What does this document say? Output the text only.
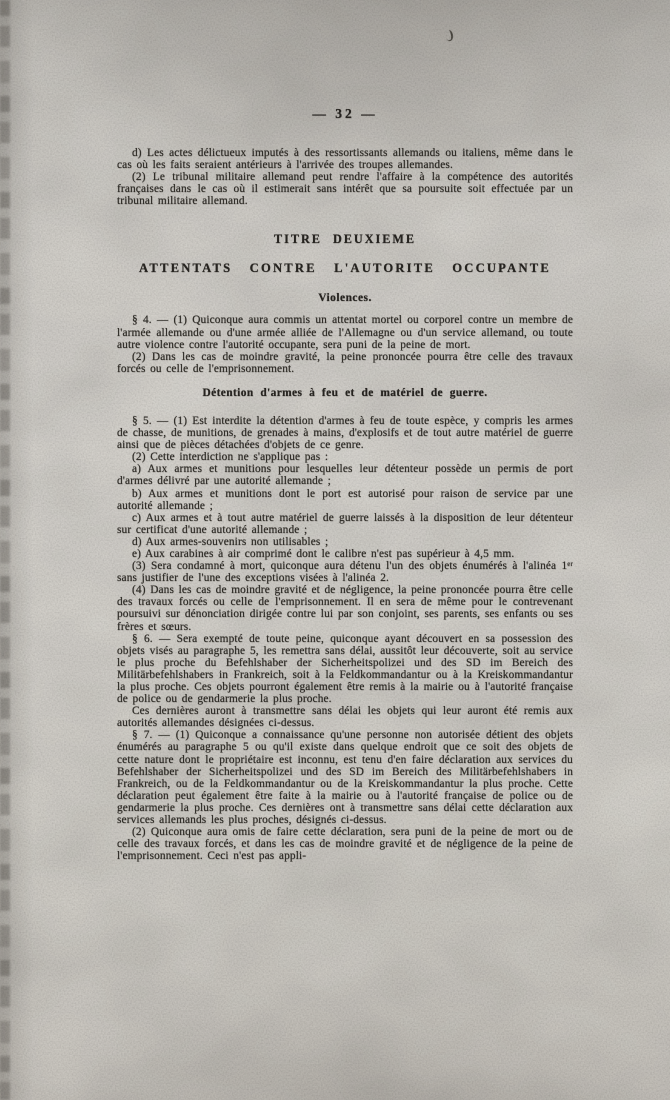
— 32 —

d) Les actes délictueux imputés à des ressortissants allemands ou italiens, même dans le cas où les faits seraient antérieurs à l'arrivée des troupes allemandes.

(2) Le tribunal militaire allemand peut rendre l'affaire à la compétence des autorités françaises dans le cas où il estimerait sans intérêt que sa poursuite soit effectuée par un tribunal militaire allemand.

TITRE DEUXIEME
ATTENTATS CONTRE L'AUTORITE OCCUPANTE
Violences.

§ 4. — (1) Quiconque aura commis un attentat mortel ou corporel contre un membre de l'armée allemande ou d'une armée alliée de l'Allemagne ou d'un service allemand, ou toute autre violence contre l'autorité occupante, sera puni de la peine de mort.

(2) Dans les cas de moindre gravité, la peine prononcée pourra être celle des travaux forcés ou celle de l'emprisonnement.

Détention d'armes à feu et de matériel de guerre.

§ 5. — (1) Est interdite la détention d'armes à feu de toute espèce, y compris les armes de chasse, de munitions, de grenades à mains, d'explosifs et de tout autre matériel de guerre ainsi que de pièces détachées d'objets de ce genre.

(2) Cette interdiction ne s'applique pas :

a) Aux armes et munitions pour lesquelles leur détenteur possède un permis de port d'armes délivré par une autorité allemande ;

b) Aux armes et munitions dont le port est autorisé pour raison de service par une autorité allemande ;

c) Aux armes et à tout autre matériel de guerre laissés à la disposition de leur détenteur sur certificat d'une autorité allemande ;

d) Aux armes-souvenirs non utilisables ;

e) Aux carabines à air comprimé dont le calibre n'est pas supérieur à 4,5 mm.

(3) Sera condamné à mort, quiconque aura détenu l'un des objets énumérés à l'alinéa 1ᵉʳ sans justifier de l'une des exceptions visées à l'alinéa 2.

(4) Dans les cas de moindre gravité et de négligence, la peine prononcée pourra être celle des travaux forcés ou celle de l'emprisonnement. Il en sera de même pour le contrevenant poursuivi sur dénonciation dirigée contre lui par son conjoint, ses parents, ses enfants ou ses frères et sœurs.

§ 6. — Sera exempté de toute peine, quiconque ayant découvert en sa possession des objets visés au paragraphe 5, les remettra sans délai, aussitôt leur découverte, soit au service le plus proche du Befehlshaber der Sicherheitspolizei und des SD im Bereich des Militärbefehlshabers in Frankreich, soit à la Feldkommandantur ou à la Kreiskommandantur la plus proche. Ces objets pourront également être remis à la mairie ou à l'autorité française de police ou de gendarmerie la plus proche.

Ces dernières auront à transmettre sans délai les objets qui leur auront été remis aux autorités allemandes désignées ci-dessus.

§ 7. — (1) Quiconque a connaissance qu'une personne non autorisée détient des objets énumérés au paragraphe 5 ou qu'il existe dans quelque endroit que ce soit des objets de cette nature dont le propriétaire est inconnu, est tenu d'en faire déclaration aux services du Befehlshaber der Sicherheitspolizei und des SD im Bereich des Militärbefehlshabers in Frankreich, ou de la Feldkommandantur ou de la Kreiskommandantur la plus proche. Cette déclaration peut également être faite à la mairie ou à l'autorité française de police ou de gendarmerie la plus proche. Ces dernières ont à transmettre sans délai cette déclaration aux services allemands les plus proches, désignés ci-dessus.

(2) Quiconque aura omis de faire cette déclaration, sera puni de la peine de mort ou de celle des travaux forcés, et dans les cas de moindre gravité et de négligence de la peine de l'emprisonnement. Ceci n'est pas appli-
